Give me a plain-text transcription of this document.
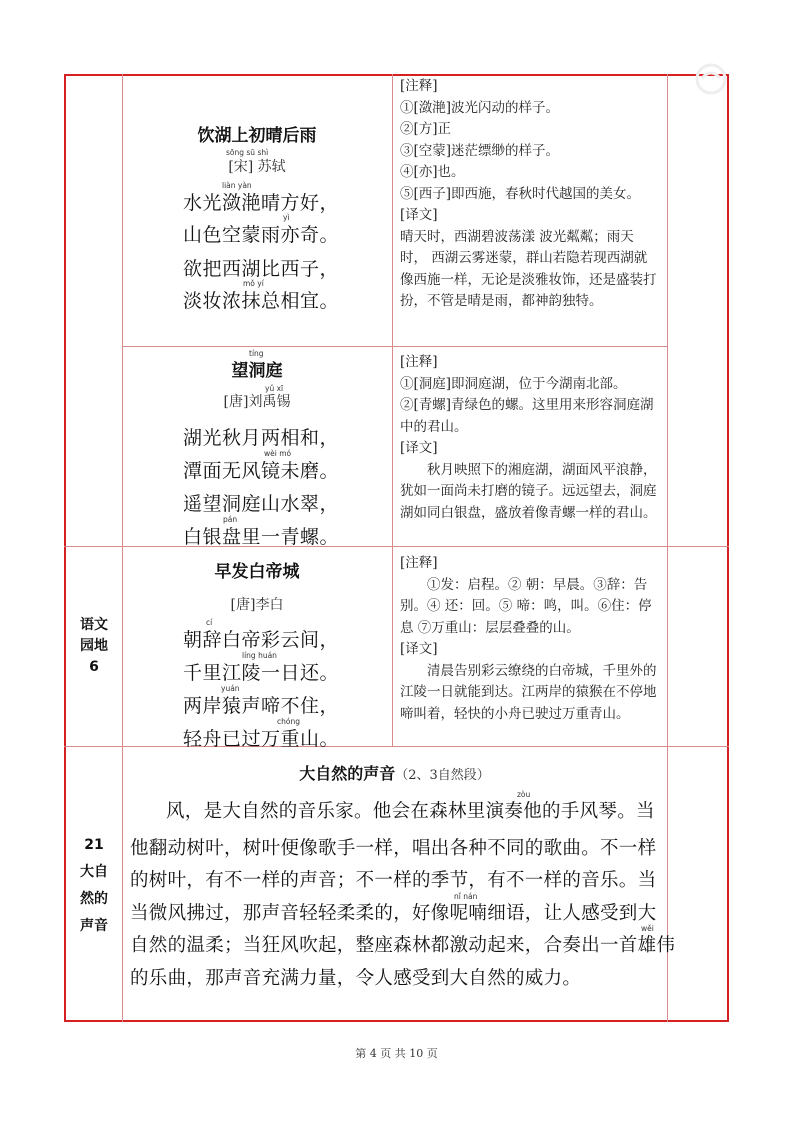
饮湖上初晴后雨
sōng sū shì
[宋] 苏轼
liàn yàn
水光潋滟晴方好，
yì
山色空蒙雨亦奇。
欲把西湖比西子，
mǒ yí
淡妆浓抹总相宜。
[注释]
①[潋滟]波光闪动的样子。
②[方]正
③[空蒙]迷茫缥缈的样子。
④[亦]也。
⑤[西子]即西施，春秋时代越国的美女。
[译文]
晴天时，西湖碧波荡漾 波光粼粼；雨天时， 西湖云雾迷蒙，群山若隐若现西湖就像西施一样，无论是淡雅妆饰，还是盛装打扮，不管是晴是雨，都神韵独特。
tíng
望洞庭
yǔ xī
[唐]刘禹锡
湖光秋月两相和，
wèi mó
潭面无风镜未磨。
遥望洞庭山水翠，
pán
白银盘里一青螺。
[注释]
①[洞庭]即洞庭湖，位于今湖南北部。
②[青螺]青绿色的螺。这里用来形容洞庭湖中的君山。
[译文]
秋月映照下的湘庭湖，湖面风平浪静，犹如一面尚未打磨的镜子。远远望去，洞庭湖如同白银盘，盛放着像青螺一样的君山。
早发白帝城
[唐]李白
cí
朝辞白帝彩云间，
líng huán
千里江陵一日还。
yuán
两岸猿声啼不住，
chóng
轻舟已过万重山。
[注释]
①发：启程。② 朝：早晨。③辞：告别。④ 还：回。⑤ 啼：鸣，叫。⑥住：停息 ⑦万重山：层层叠叠的山。
[译文]
清晨告别彩云缭绕的白帝城，千里外的江陵一日就能到达。江两岸的猿猴在不停地啼叫着，轻快的小舟已驶过万重青山。
语文
园地
6
21
大自
然的
声音
大自然的声音（2、3自然段）
zòu
风，是大自然的音乐家。他会在森林里演奏他的手风琴。当
他翻动树叶，树叶便像歌手一样，唱出各种不同的歌曲。不一样
的树叶，有不一样的声音；不一样的季节，有不一样的音乐。当
nǐ nán
当微风拂过，那声音轻轻柔柔的，好像呢喃细语，让人感受到大
wěi
自然的温柔；当狂风吹起，整座森林都激动起来，合奏出一首雄伟
的乐曲，那声音充满力量，令人感受到大自然的威力。
第 4 页 共 10 页
